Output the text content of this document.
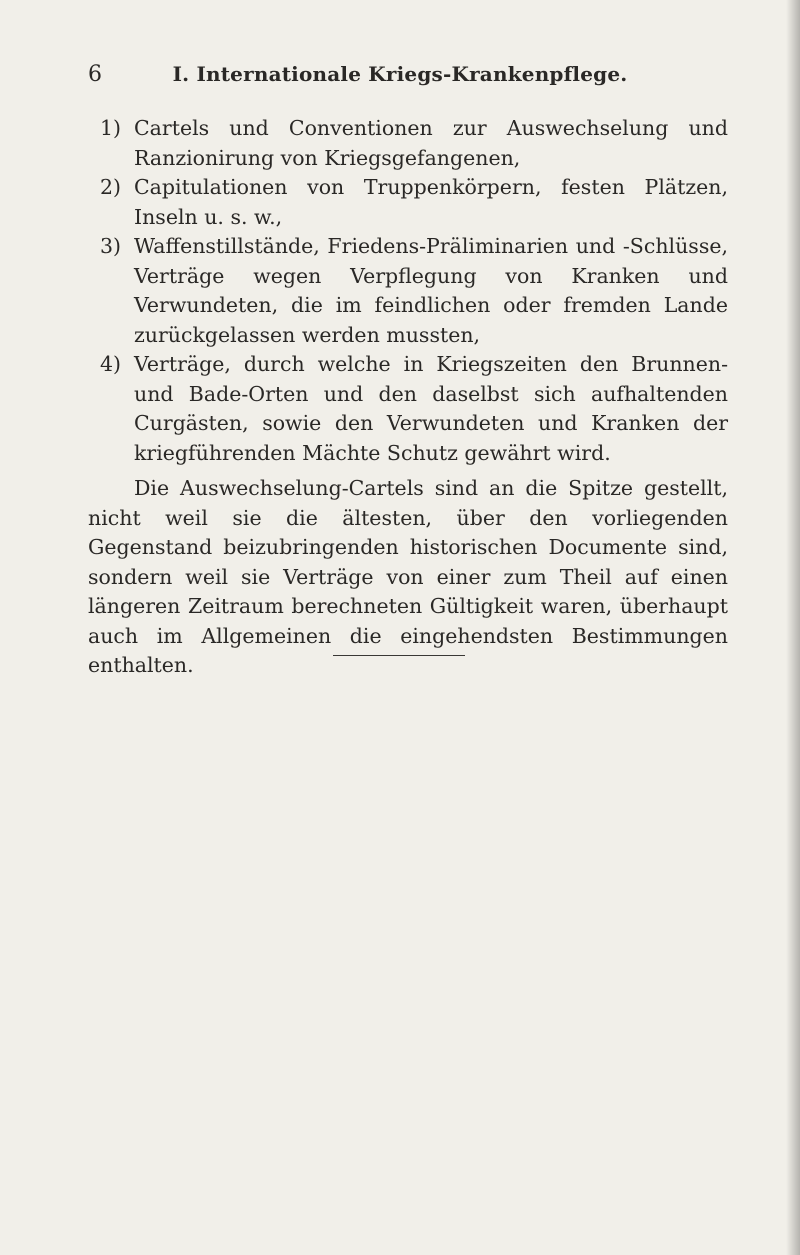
6	I. Internationale Kriegs-Krankenpflege.
1) Cartels und Conventionen zur Auswechselung und Ranzionirung von Kriegsgefangenen,
2) Capitulationen von Truppenkörpern, festen Plätzen, Inseln u. s. w.,
3) Waffenstillstände, Friedens-Präliminarien und -Schlüsse, Verträge wegen Verpflegung von Kranken und Verwundeten, die im feindlichen oder fremden Lande zurückgelassen werden mussten,
4) Verträge, durch welche in Kriegszeiten den Brunnen- und Bade-Orten und den daselbst sich aufhaltenden Curgästen, sowie den Verwundeten und Kranken der kriegführenden Mächte Schutz gewährt wird.

Die Auswechselung-Cartels sind an die Spitze gestellt, nicht weil sie die ältesten, über den vorliegenden Gegenstand beizubringenden historischen Documente sind, sondern weil sie Verträge von einer zum Theil auf einen längeren Zeitraum berechneten Gültigkeit waren, überhaupt auch im Allgemeinen die eingehendsten Bestimmungen enthalten.
